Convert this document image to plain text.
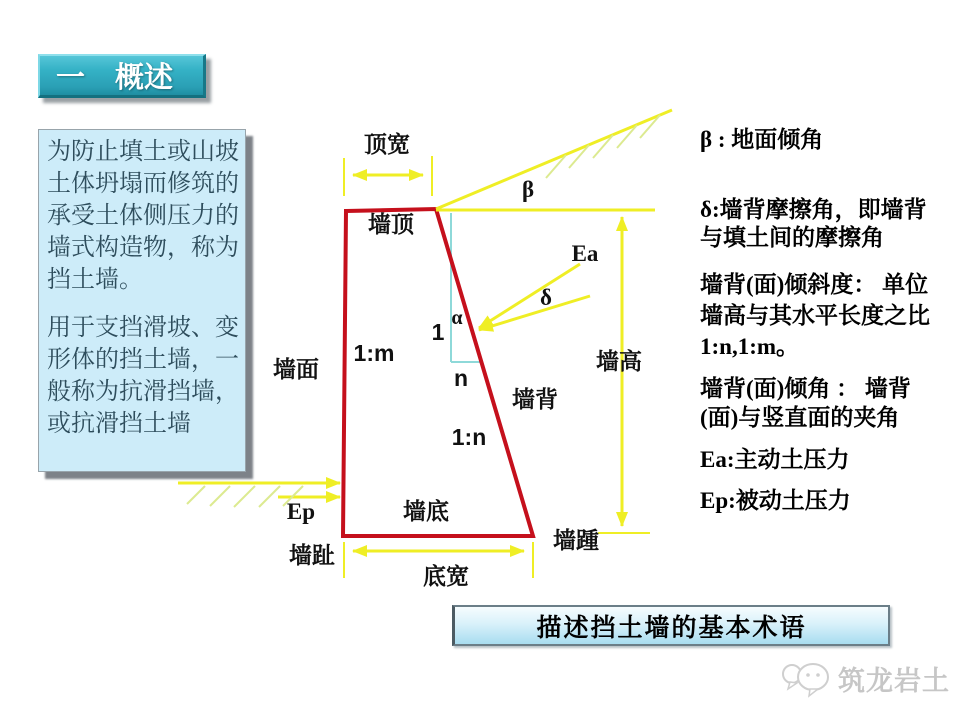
一 概述

为防止填土或山坡土体坍塌而修筑的承受土体侧压力的墙式构造物，称为挡土墙。

用于支挡滑坡、变形体的挡土墙，一般称为抗滑挡墙，或抗滑挡土墙

顶宽
墙顶
β
Ea
δ
α
1
n
1:m
1:n
墙面
墙背
墙高
墙底
Ep
墙趾
墙踵
底宽
β : 地面倾角
δ:墙背摩擦角，即墙背与填土间的摩擦角
墙背(面)倾斜度： 单位墙高与其水平长度之比1:n,1:m。
墙背(面)倾角 ： 墙背(面)与竖直面的夹角
Ea:主动土压力
Ep:被动土压力
描述挡土墙的基本术语
筑龙岩土
